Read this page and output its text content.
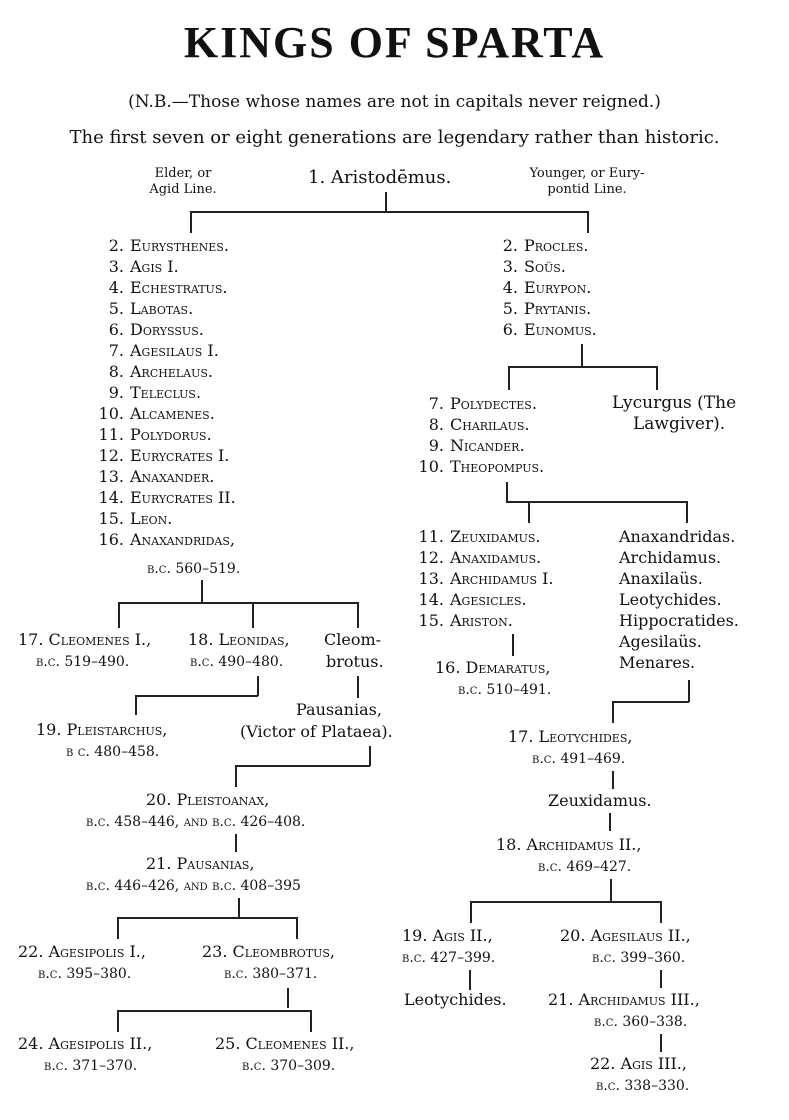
KINGS OF SPARTA
(N.B.—Those whose names are not in capitals never reigned.)
The first seven or eight generations are legendary rather than historic.
Elder, or
Agid Line.
Younger, or Eury-
pontid Line.
1. Aristodēmus.
2. Eurysthenes.
3. Agis I.
4. Echestratus.
5. Labotas.
6. Doryssus.
7. Agesilaus I.
8. Archelaus.
9. Teleclus.
10. Alcamenes.
11. Polydorus.
12. Eurycrates I.
13. Anaxander.
14. Eurycrates II.
15. Leon.
16. Anaxandridas,
b.c. 560–519.
17. Cleomenes I.,
b.c. 519–490.
18. Leonidas,
b.c. 490–480.
Cleom-
brotus.
19. Pleistarchus,
b c. 480–458.
Pausanias,
(Victor of Plataea).
20. Pleistoanax,
b.c. 458–446, and b.c. 426–408.
21. Pausanias,
b.c. 446–426, and b.c. 408–395
22. Agesipolis I.,
b.c. 395–380.
23. Cleombrotus,
b.c. 380–371.
24. Agesipolis II.,
b.c. 371–370.
25. Cleomenes II.,
b.c. 370–309.
2. Procles.
3. Soüs.
4. Eurypon.
5. Prytanis.
6. Eunomus.
7. Polydectes.
8. Charilaus.
9. Nicander.
10. Theopompus.
Lycurgus (The
Lawgiver).
11. Zeuxidamus.
12. Anaxidamus.
13. Archidamus I.
14. Agesicles.
15. Ariston.
Anaxandridas.
Archidamus.
Anaxilaüs.
Leotychides.
Hippocratides.
Agesilaüs.
Menares.
16. Demaratus,
b.c. 510–491.
17. Leotychides,
b.c. 491–469.
Zeuxidamus.
18. Archidamus II.,
b.c. 469–427.
19. Agis II.,
b.c. 427–399.
20. Agesilaus II.,
b.c. 399–360.
Leotychides.	21. Archidamus III.,
b.c. 360–338.
22. Agis III.,
b.c. 338–330.
